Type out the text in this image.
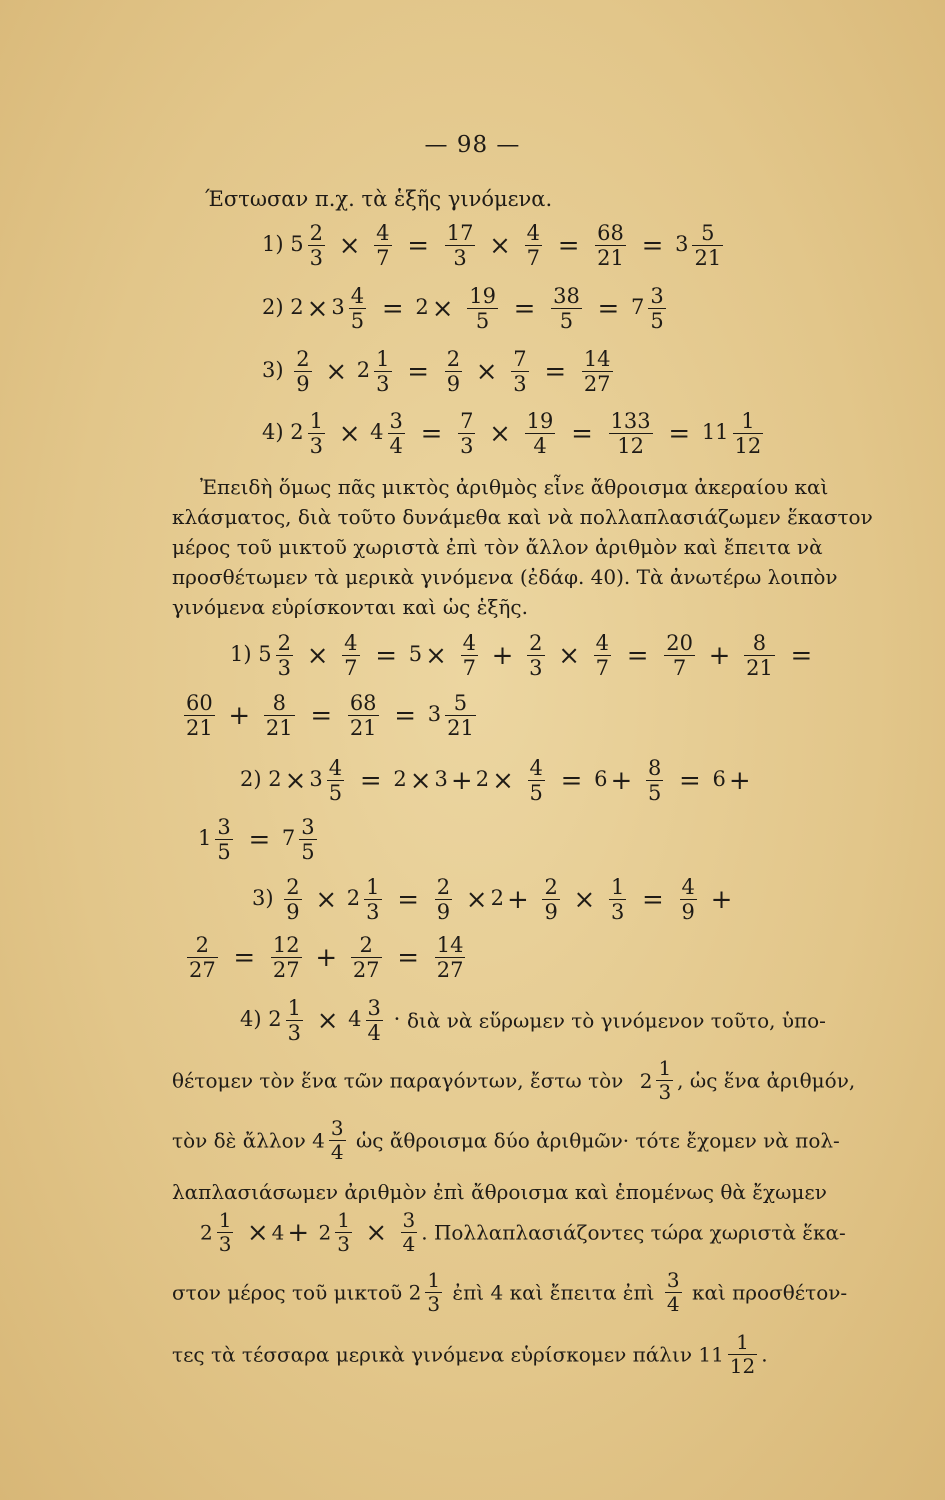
— 98 —
Έστωσαν π.χ. τὰ ἑξῆς γινόμενα.
1) $5 \frac{2}{3} \times \frac{4}{7} = \frac{17}{3} \times \frac{4}{7} = \frac{68}{21} = 3 \frac{5}{21}$
2) $2 \times 3 \frac{4}{5} = 2 \times \frac{19}{5} = \frac{38}{5} = 7 \frac{3}{5}$
$3) \frac{2}{9} \times 2 \frac{1}{3} = \frac{2}{9} \times \frac{7}{3} = \frac{14}{27}$
4) $2 \frac{1}{3} \times 4 \frac{3}{4} = \frac{7}{3} \times \frac{19}{4} = \frac{133}{12} = 11 \frac{1}{12}$
Ἐπειδὴ ὅμως πᾶς μικτὸς ἀριθμὸς εἶνε ἄθροισμα ἀκεραίου καὶ
κλάσματος, διὰ τοῦτο δυνάμεθα καὶ νὰ πολλαπλασιάζωμεν ἕκαστον
μέρος τοῦ μικτοῦ χωριστὰ ἐπὶ τὸν ἄλλον ἀριθμὸν καὶ ἔπειτα νὰ
προσθέτωμεν τὰ μερικὰ γινόμενα (ἐδάφ. 40). Τὰ ἀνωτέρω λοιπὸν
γινόμενα εὑρίσκονται καὶ ὡς ἑξῆς.
1) $5 \frac{2}{3} \times \frac{4}{7} = 5 \times \frac{4}{7} + \frac{2}{3} \times \frac{4}{7} = \frac{20}{7} + \frac{8}{21}$ =
$\frac{60}{21} + \frac{8}{21} = \frac{68}{21} = 3 \frac{5}{21}$
2) $2 \times 3 \frac{4}{5} = 2 \times 3 + 2 \times \frac{4}{5} = 6 + \frac{8}{5} = 6$ +
$1 \frac{3}{5} = 7 \frac{3}{5}$
$3) \frac{2}{9} \times 2 \frac{1}{3} = \frac{2}{9} \times 2 + \frac{2}{9} \times \frac{1}{3} = \frac{4}{9}$ +
$\frac{2}{27} = \frac{12}{27} + \frac{2}{27} = \frac{14}{27}$
4) $2 \frac{1}{3} \times 4 \frac{3}{4}$ · διὰ νὰ εὕρωμεν τὸ γινόμενον τοῦτο, ὑπο-
θέτομεν τὸν ἕνα τῶν παραγόντων, ἔστω τὸν $2 \frac{1}{3}$ , ὡς ἕνα ἀριθμόν,
τὸν δὲ ἄλλον $4 \frac{3}{4}$ ὡς ἄθροισμα δύο ἀριθμῶν· τότε ἔχομεν νὰ πολ-
λαπλασιάσωμεν ἀριθμὸν ἐπὶ ἄθροισμα καὶ ἑπομένως θὰ ἔχωμεν
$2 \frac{1}{3} \times 4 + 2 \frac{1}{3} \times \frac{3}{4}$ . Πολλαπλασιάζοντες τώρα χωριστὰ ἕκα-
στον μέρος τοῦ μικτοῦ $2 \frac{1}{3}$ ἐπὶ 4 καὶ ἔπειτα ἐπὶ $\frac{3}{4}$ καὶ προσθέτον-
τες τὰ τέσσαρα μερικὰ γινόμενα εὑρίσκομεν πάλιν $11 \frac{1}{12}$ .
